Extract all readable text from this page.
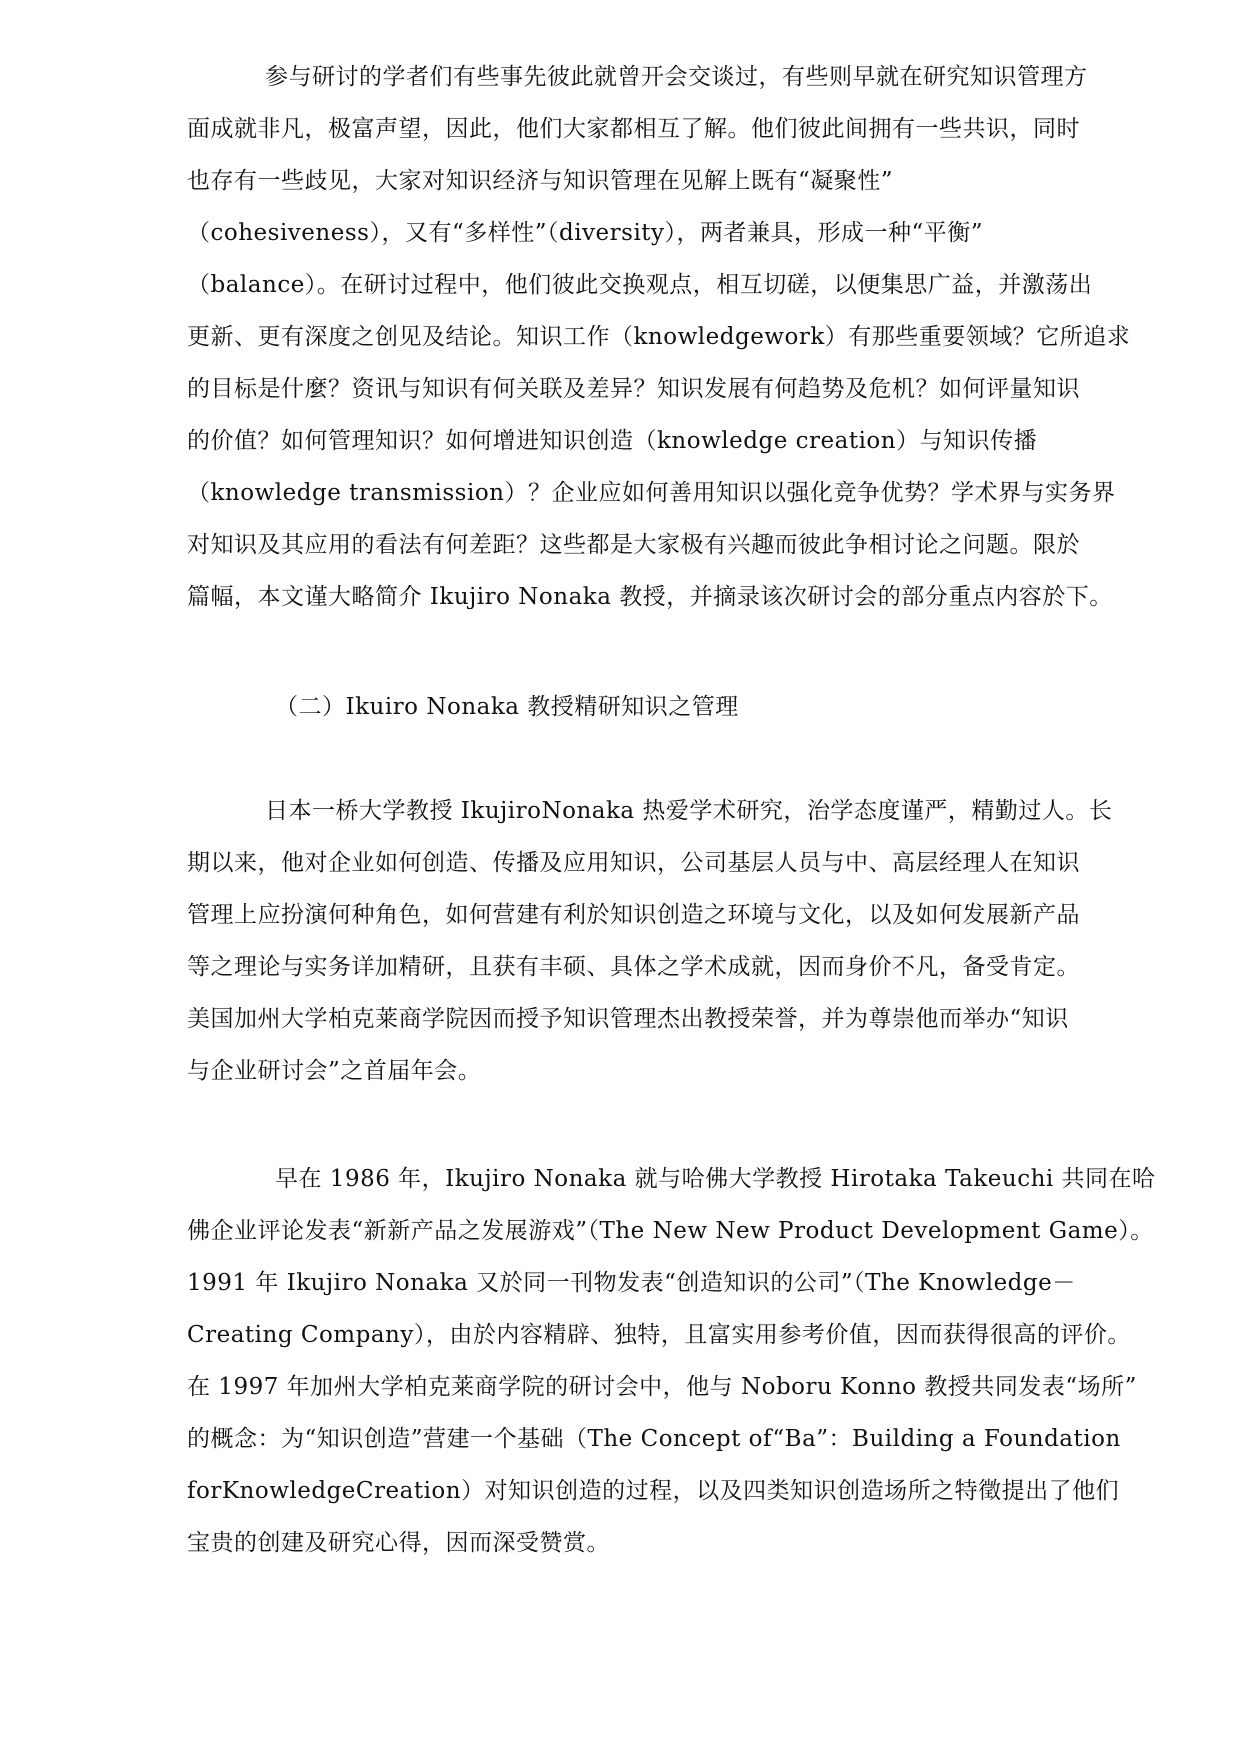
参与研讨的学者们有些事先彼此就曾开会交谈过，有些则早就在研究知识管理方
面成就非凡，极富声望，因此，他们大家都相互了解。他们彼此间拥有一些共识，同时
也存有一些歧见，大家对知识经济与知识管理在见解上既有“凝聚性”
（cohesiveness），又有“多样性”（diversity），两者兼具，形成一种“平衡”
（balance）。在研讨过程中，他们彼此交换观点，相互切磋，以便集思广益，并激荡出
更新、更有深度之创见及结论。知识工作（knowledgework）有那些重要领域？它所追求
的目标是什麼？资讯与知识有何关联及差异？知识发展有何趋势及危机？如何评量知识
的价值？如何管理知识？如何增进知识创造（knowledge creation）与知识传播
（knowledge transmission）？企业应如何善用知识以强化竞争优势？学术界与实务界
对知识及其应用的看法有何差距？这些都是大家极有兴趣而彼此争相讨论之问题。限於
篇幅，本文谨大略简介 Ikujiro Nonaka 教授，并摘录该次研讨会的部分重点内容於下。
（二）Ikuiro Nonaka 教授精研知识之管理
日本一桥大学教授 IkujiroNonaka 热爱学术研究，治学态度谨严，精勤过人。长
期以来，他对企业如何创造、传播及应用知识，公司基层人员与中、高层经理人在知识
管理上应扮演何种角色，如何营建有利於知识创造之环境与文化，以及如何发展新产品
等之理论与实务详加精研，且获有丰硕、具体之学术成就，因而身价不凡，备受肯定。
美国加州大学柏克莱商学院因而授予知识管理杰出教授荣誉，并为尊崇他而举办“知识
与企业研讨会”之首届年会。
早在 1986 年，Ikujiro Nonaka 就与哈佛大学教授 Hirotaka Takeuchi 共同在哈
佛企业评论发表“新新产品之发展游戏”（The New New Product Development Game）。
1991 年 Ikujiro Nonaka 又於同一刊物发表“创造知识的公司”（The Knowledge－
Creating Company），由於内容精辟、独特，且富实用参考价值，因而获得很高的评价。
在 1997 年加州大学柏克莱商学院的研讨会中，他与 Noboru Konno 教授共同发表“场所”
的概念：为“知识创造”营建一个基础（The Concept of“Ba”：Building a Foundation
forKnowledgeCreation）对知识创造的过程，以及四类知识创造场所之特徵提出了他们
宝贵的创建及研究心得，因而深受赞赏。
